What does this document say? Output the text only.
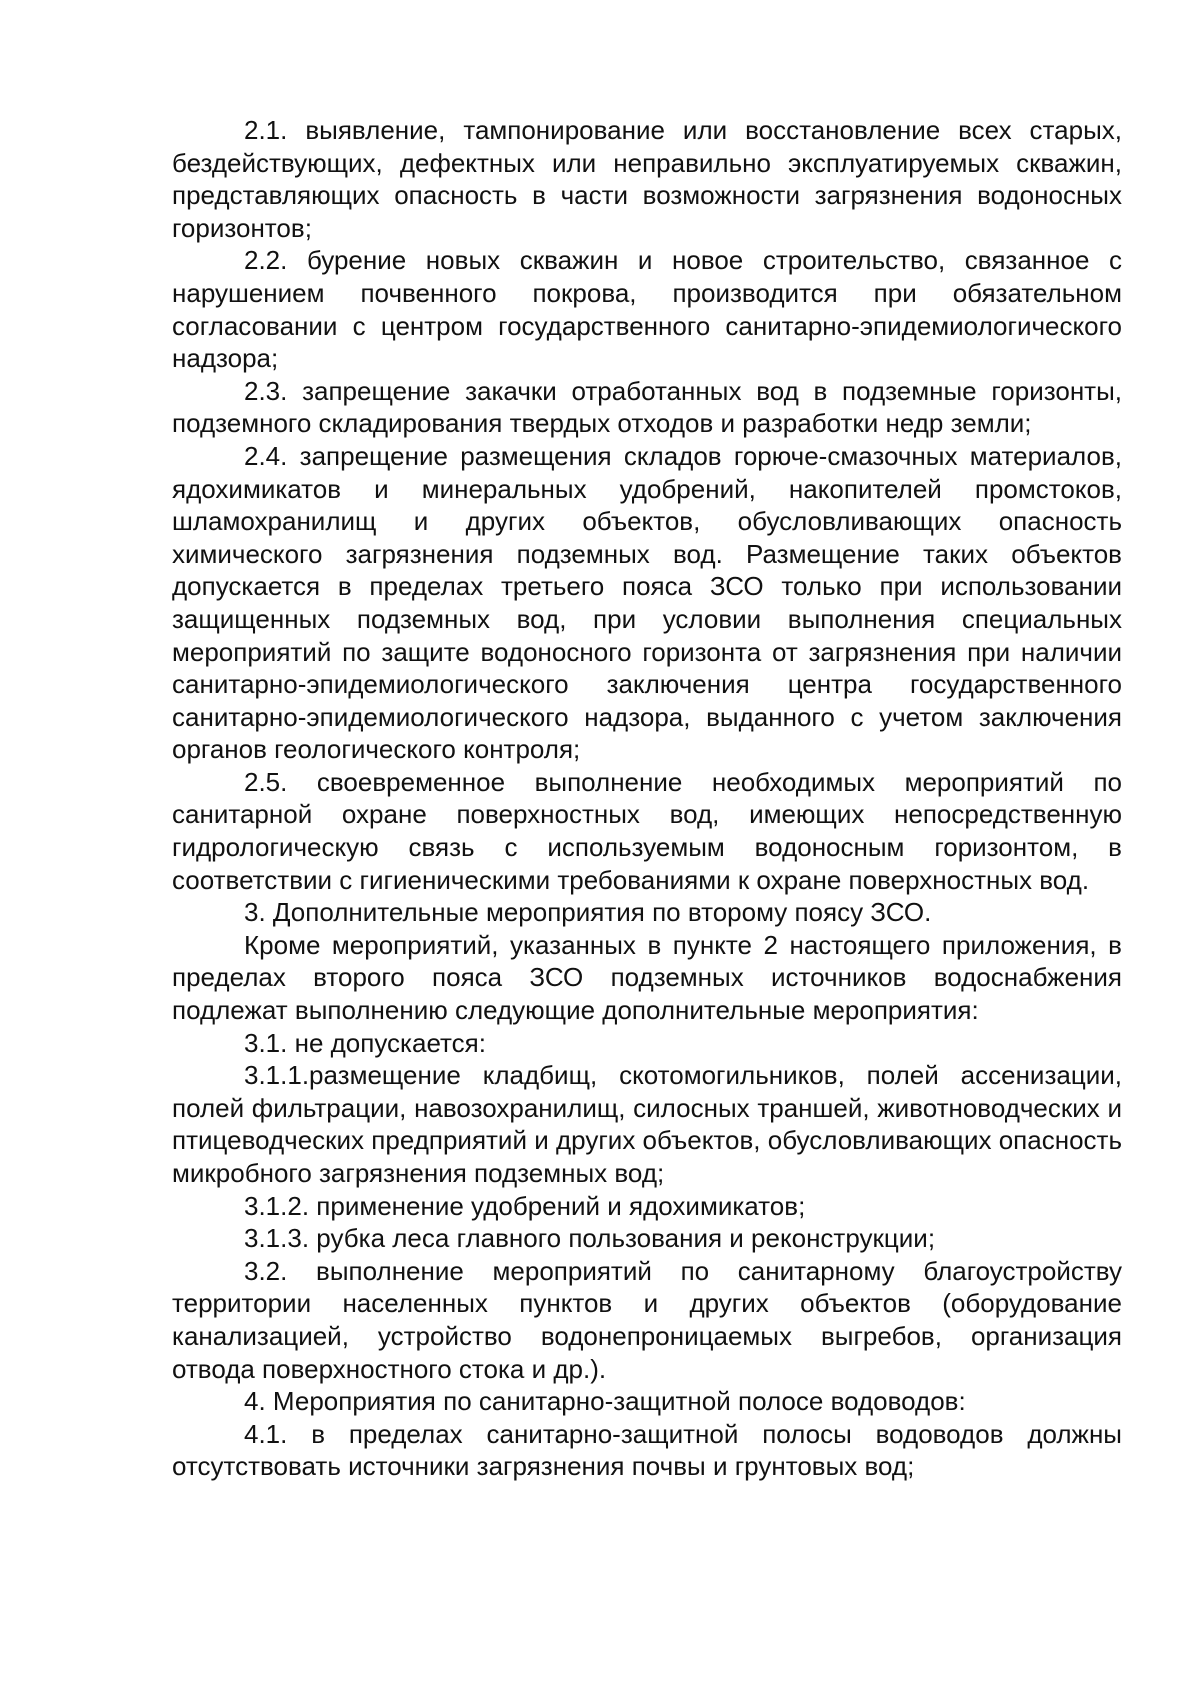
2.1. выявление, тампонирование или восстановление всех старых, бездействующих, дефектных или неправильно эксплуатируемых скважин, представляющих опасность в части возможности загрязнения водоносных горизонтов;

2.2. бурение новых скважин и новое строительство, связанное с нарушением почвенного покрова, производится при обязательном согласовании с центром государственного санитарно-эпидемиологического надзора;

2.3. запрещение закачки отработанных вод в подземные горизонты, подземного складирования твердых отходов и разработки недр земли;

2.4. запрещение размещения складов горюче-смазочных материалов, ядохимикатов и минеральных удобрений, накопителей промстоков, шламохранилищ и других объектов, обусловливающих опасность химического загрязнения подземных вод. Размещение таких объектов допускается в пределах третьего пояса ЗСО только при использовании защищенных подземных вод, при условии выполнения специальных мероприятий по защите водоносного горизонта от загрязнения при наличии санитарно-эпидемиологического заключения центра государственного санитарно-эпидемиологического надзора, выданного с учетом заключения органов геологического контроля;

2.5. своевременное выполнение необходимых мероприятий по санитарной охране поверхностных вод, имеющих непосредственную гидрологическую связь с используемым водоносным горизонтом, в соответствии с гигиеническими требованиями к охране поверхностных вод.

3. Дополнительные мероприятия по второму поясу ЗСО.

Кроме мероприятий, указанных в пункте 2 настоящего приложения, в пределах второго пояса ЗСО подземных источников водоснабжения подлежат выполнению следующие дополнительные мероприятия:

3.1. не допускается:

3.1.1.размещение кладбищ, скотомогильников, полей ассенизации, полей фильтрации, навозохранилищ, силосных траншей, животноводческих и птицеводческих предприятий и других объектов, обусловливающих опасность микробного загрязнения подземных вод;

3.1.2. применение удобрений и ядохимикатов;

3.1.3. рубка леса главного пользования и реконструкции;

3.2. выполнение мероприятий по санитарному благоустройству территории населенных пунктов и других объектов (оборудование канализацией, устройство водонепроницаемых выгребов, организация отвода поверхностного стока и др.).

4. Мероприятия по санитарно-защитной полосе водоводов:

4.1. в пределах санитарно-защитной полосы водоводов должны отсутствовать источники загрязнения почвы и грунтовых вод;
